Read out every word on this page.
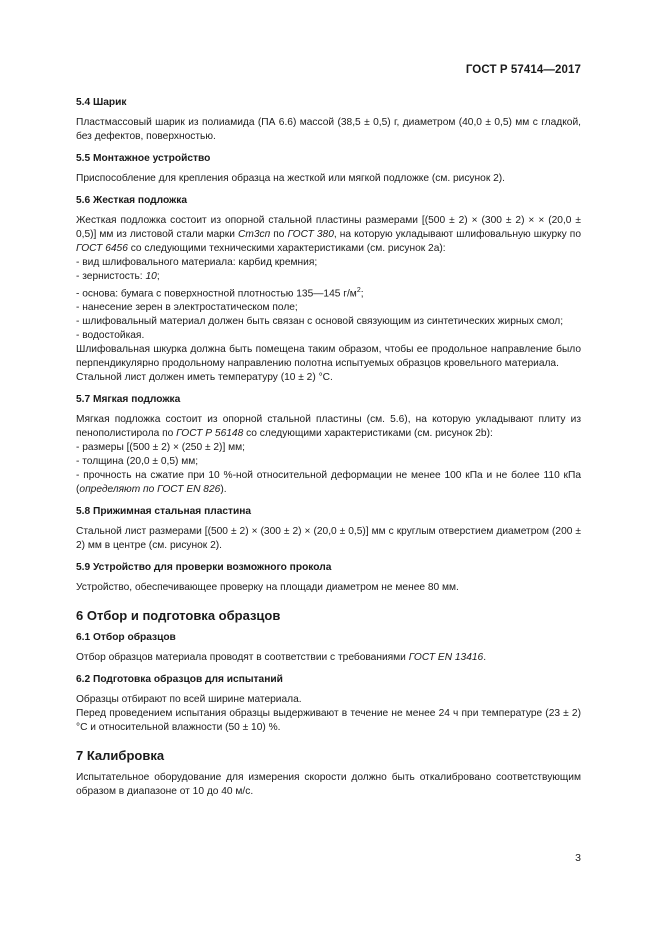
ГОСТ Р 57414—2017
5.4 Шарик

Пластмассовый шарик из полиамида (ПА 6.6) массой (38,5 ± 0,5) г, диаметром (40,0 ± 0,5) мм с гладкой, без дефектов, поверхностью.

5.5 Монтажное устройство

Приспособление для крепления образца на жесткой или мягкой подложке (см. рисунок 2).

5.6 Жесткая подложка

Жесткая подложка состоит из опорной стальной пластины размерами [(500 ± 2) × (300 ± 2) × × (20,0 ± 0,5)] мм из листовой стали марки Ст3сп по ГОСТ 380, на которую укладывают шлифовальную шкурку по ГОСТ 6456 со следующими техническими характеристиками (см. рисунок 2а):

- вид шлифовального материала: карбид кремния;

- зернистость: 10;

- основа: бумага с поверхностной плотностью 135—145 $г/м^2$;

- нанесение зерен в электростатическом поле;

- шлифовальный материал должен быть связан с основой связующим из синтетических жирных смол;

- водостойкая.

Шлифовальная шкурка должна быть помещена таким образом, чтобы ее продольное направление было перпендикулярно продольному направлению полотна испытуемых образцов кровельного материала.

Стальной лист должен иметь температуру (10 ± 2) °С.

5.7 Мягкая подложка

Мягкая подложка состоит из опорной стальной пластины (см. 5.6), на которую укладывают плиту из пенополистирола по ГОСТ Р 56148 со следующими характеристиками (см. рисунок 2b):

- размеры [(500 ± 2) × (250 ± 2)] мм;

- толщина (20,0 ± 0,5) мм;

- прочность на сжатие при 10 %-ной относительной деформации не менее 100 кПа и не более 110 кПа (определяют по ГОСТ EN 826).

5.8 Прижимная стальная пластина

Стальной лист размерами [(500 ± 2) × (300 ± 2) × (20,0 ± 0,5)] мм с круглым отверстием диаметром (200 ± 2) мм в центре (см. рисунок 2).

5.9 Устройство для проверки возможного прокола

Устройство, обеспечивающее проверку на площади диаметром не менее 80 мм.

6 Отбор и подготовка образцов
6.1 Отбор образцов

Отбор образцов материала проводят в соответствии с требованиями ГОСТ EN 13416.

6.2 Подготовка образцов для испытаний

Образцы отбирают по всей ширине материала.

Перед проведением испытания образцы выдерживают в течение не менее 24 ч при температуре (23 ± 2) °С и относительной влажности (50 ± 10) %.

7 Калибровка

Испытательное оборудование для измерения скорости должно быть откалибровано соответствующим образом в диапазоне от 10 до 40 м/с.

3
